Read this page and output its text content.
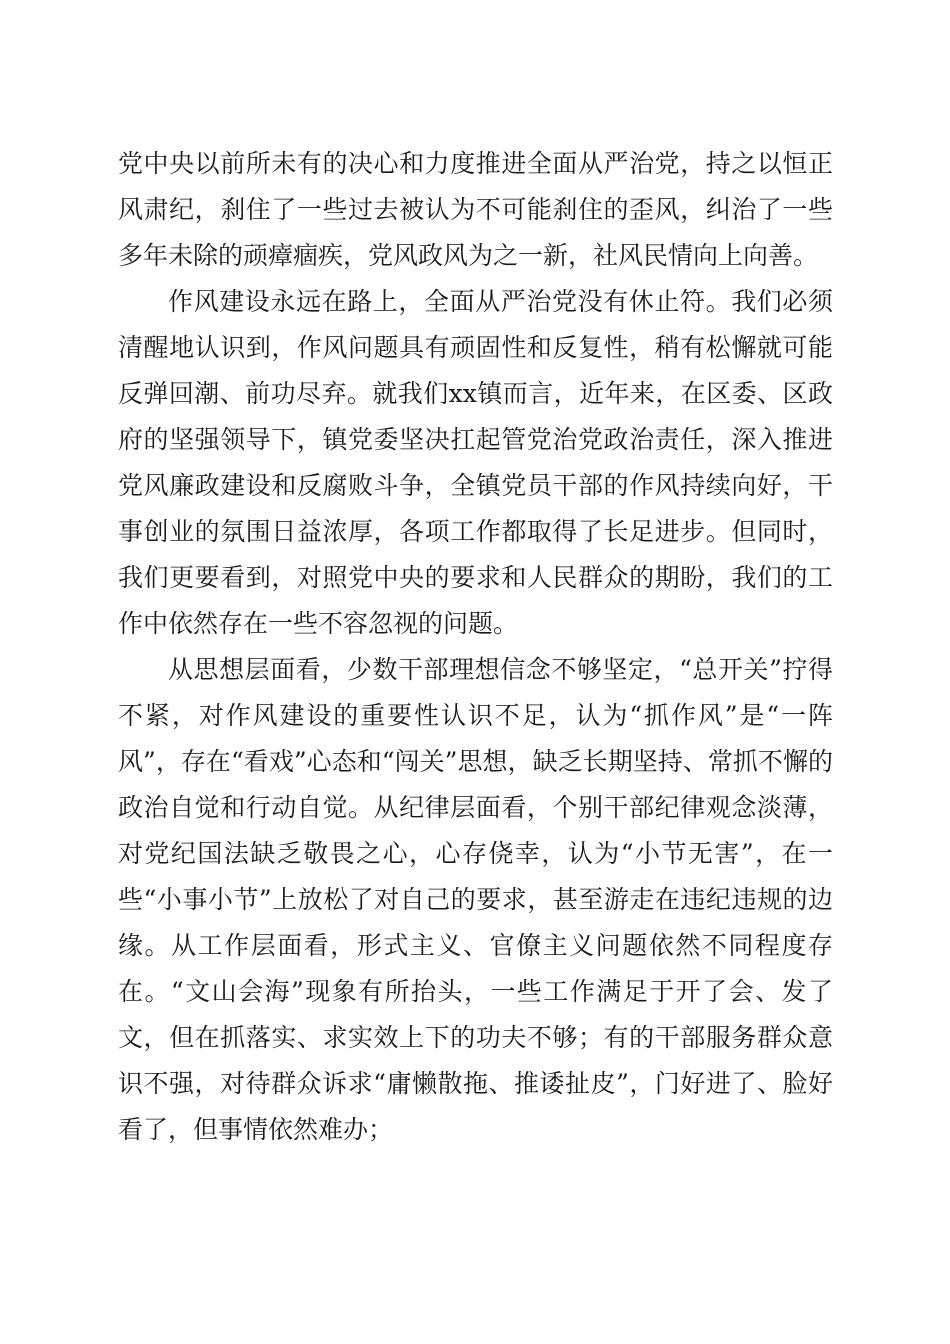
党中央以前所未有的决心和力度推进全面从严治党，持之以恒正风肃纪，刹住了一些过去被认为不可能刹住的歪风，纠治了一些多年未除的顽瘴痼疾，党风政风为之一新，社风民情向上向善。

作风建设永远在路上，全面从严治党没有休止符。我们必须清醒地认识到，作风问题具有顽固性和反复性，稍有松懈就可能反弹回潮、前功尽弃。就我们xx镇而言，近年来，在区委、区政府的坚强领导下，镇党委坚决扛起管党治党政治责任，深入推进党风廉政建设和反腐败斗争，全镇党员干部的作风持续向好，干事创业的氛围日益浓厚，各项工作都取得了长足进步。但同时，我们更要看到，对照党中央的要求和人民群众的期盼，我们的工作中依然存在一些不容忽视的问题。

从思想层面看，少数干部理想信念不够坚定，“总开关”拧得不紧，对作风建设的重要性认识不足，认为“抓作风”是“一阵风”，存在“看戏”心态和“闯关”思想，缺乏长期坚持、常抓不懈的政治自觉和行动自觉。从纪律层面看，个别干部纪律观念淡薄，对党纪国法缺乏敬畏之心，心存侥幸，认为“小节无害”，在一些“小事小节”上放松了对自己的要求，甚至游走在违纪违规的边缘。从工作层面看，形式主义、官僚主义问题依然不同程度存在。“文山会海”现象有所抬头，一些工作满足于开了会、发了文，但在抓落实、求实效上下的功夫不够；有的干部服务群众意识不强，对待群众诉求“庸懒散拖、推诿扯皮”，门好进了、脸好看了，但事情依然难办；
